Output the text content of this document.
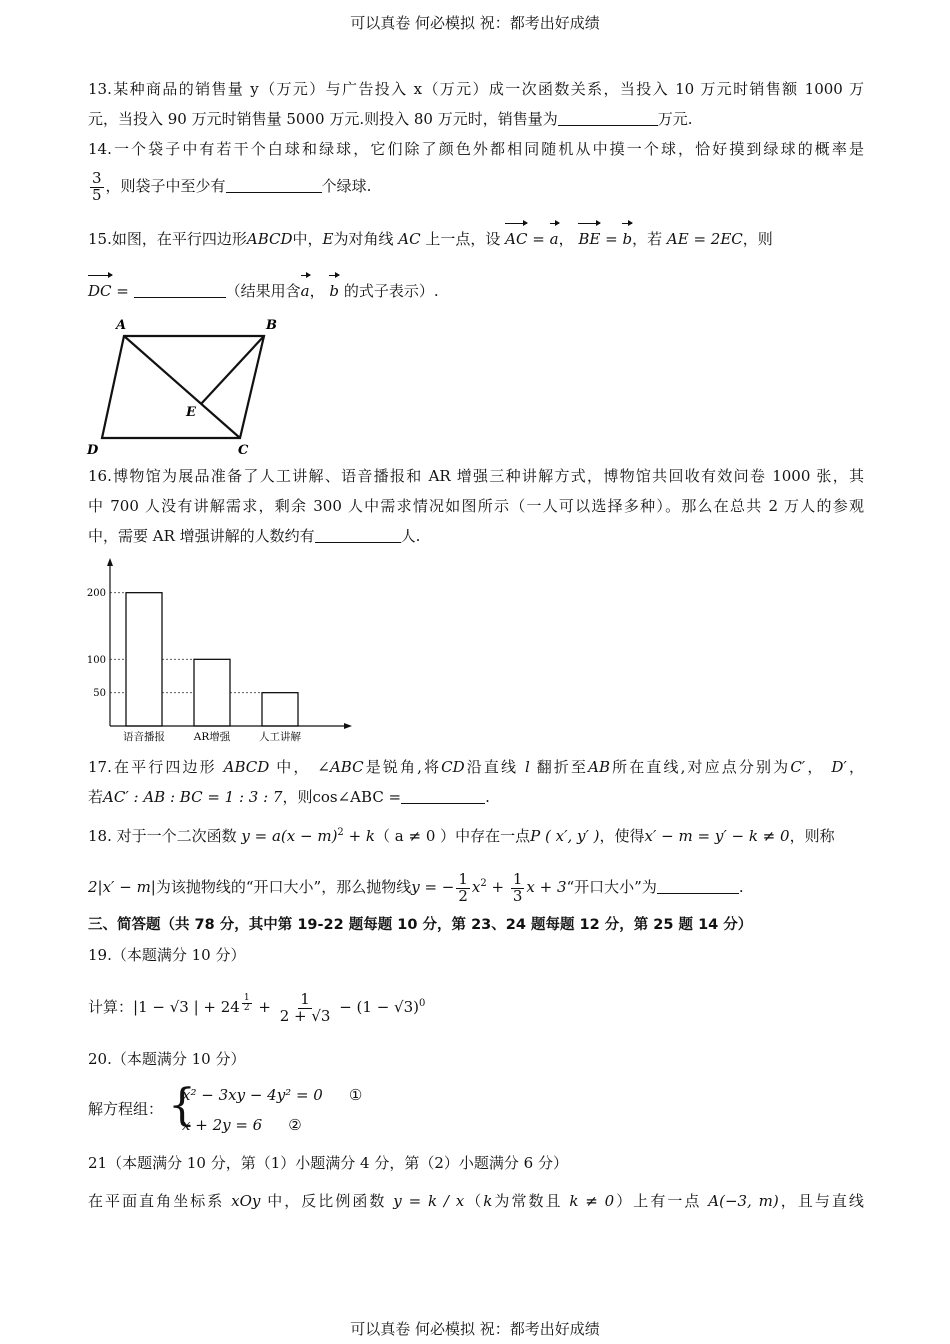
可以真卷 何必模拟 祝：都考出好成绩
13.某种商品的销售量 y（万元）与广告投入 x（万元）成一次函数关系，当投入 10 万元时销售额 1000 万
元，当投入 90 万元时销售量 5000 万元.则投入 80 万元时，销售量为	万元.
14.一个袋子中有若干个白球和绿球，它们除了颜色外都相同随机从中摸一个球，恰好摸到绿球的概率是
$\frac{3}{5}$ ，则袋子中至少有	个绿球.
15.如图，在平行四边形ABCD中，E为对角线 AC 上一点，设 AC = a， BE = b，若 AE = 2EC，则
DC =	（结果用含a， b 的式子表示）.
A	B
C
D
E
16.博物馆为展品准备了人工讲解、语音播报和 AR 增强三种讲解方式，博物馆共回收有效问卷 1000 张，其
中 700 人没有讲解需求，剩余 300 人中需求情况如图所示（一人可以选择多种）。那么在总共 2 万人的参观
中，需要 AR 增强讲解的人数约有	人.
50
100
200
语音播报	AR增强	人工讲解
17.在平行四边形 ABCD 中， ∠ABC是锐角,将CD沿直线 l 翻折至AB所在直线,对应点分别为C′， D′，
若AC′ : AB : BC = 1 : 3 : 7，则cos∠ABC =	.
18. 对于一个二次函数 $y = a(x - m)^2 + k$（ a ≠ 0 ）中存在一点P ( x′, y′ )，使得x′ − m = y′ − k ≠ 0，则称
2|x′ − m|为该抛物线的“开口大小”，那么抛物线y = − $\frac{1}{2} x^2 + \frac{1}{3}$ x + 3“开口大小”为	.
三、简答题（共 78 分，其中第 19-22 题每题 10 分，第 23、24 题每题 12 分，第 25 题 14 分）
19.（本题满分 10 分）
计算：|1 − √3 | + 24 $^{\frac{1}{2}} + \frac{1}{2 + √3} - (1 - √3)^0$
20.（本题满分 10 分）
解方程组： {
x² − 3xy − 4y² = 0 ①
x + 2y = 6 ②
21（本题满分 10 分，第（1）小题满分 4 分，第（2）小题满分 6 分）
在平面直角坐标系 xOy 中，反比例函数 y = k / x（k为常数且 k ≠ 0）上有一点 A(−3, m)，且与直线
可以真卷 何必模拟 祝：都考出好成绩
